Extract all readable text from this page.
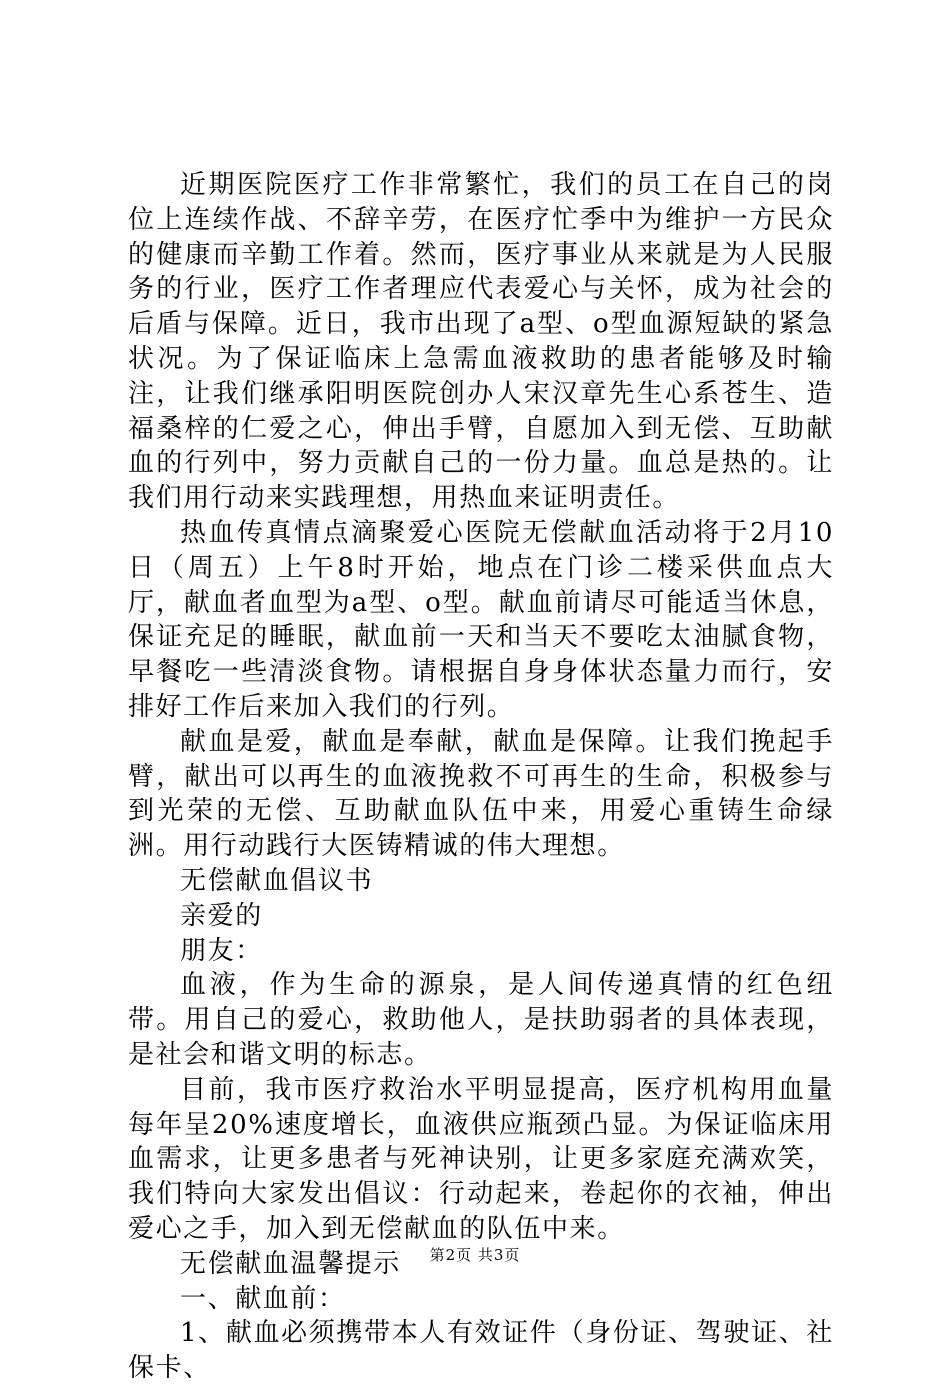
近期医院医疗工作非常繁忙，我们的员工在自己的岗位上连续作战、不辞辛劳，在医疗忙季中为维护一方民众的健康而辛勤工作着。然而，医疗事业从来就是为人民服务的行业，医疗工作者理应代表爱心与关怀，成为社会的后盾与保障。近日，我市出现了a型、o型血源短缺的紧急状况。为了保证临床上急需血液救助的患者能够及时输注，让我们继承阳明医院创办人宋汉章先生心系苍生、造福桑梓的仁爱之心，伸出手臂，自愿加入到无偿、互助献血的行列中，努力贡献自己的一份力量。血总是热的。让我们用行动来实践理想，用热血来证明责任。

热血传真情点滴聚爱心医院无偿献血活动将于2月10日（周五）上午8时开始，地点在门诊二楼采供血点大厅，献血者血型为a型、o型。献血前请尽可能适当休息，保证充足的睡眠，献血前一天和当天不要吃太油腻食物，早餐吃一些清淡食物。请根据自身身体状态量力而行，安排好工作后来加入我们的行列。

献血是爱，献血是奉献，献血是保障。让我们挽起手臂，献出可以再生的血液挽救不可再生的生命，积极参与到光荣的无偿、互助献血队伍中来，用爱心重铸生命绿洲。用行动践行大医铸精诚的伟大理想。

无偿献血倡议书

亲爱的

朋友：

血液，作为生命的源泉，是人间传递真情的红色纽带。用自己的爱心，救助他人，是扶助弱者的具体表现，是社会和谐文明的标志。

目前，我市医疗救治水平明显提高，医疗机构用血量每年呈20%速度增长，血液供应瓶颈凸显。为保证临床用血需求，让更多患者与死神诀别，让更多家庭充满欢笑，我们特向大家发出倡议：行动起来，卷起你的衣袖，伸出爱心之手，加入到无偿献血的队伍中来。

无偿献血温馨提示

一、献血前：

1、献血必须携带本人有效证件（身份证、驾驶证、社保卡、

第2页 共3页
